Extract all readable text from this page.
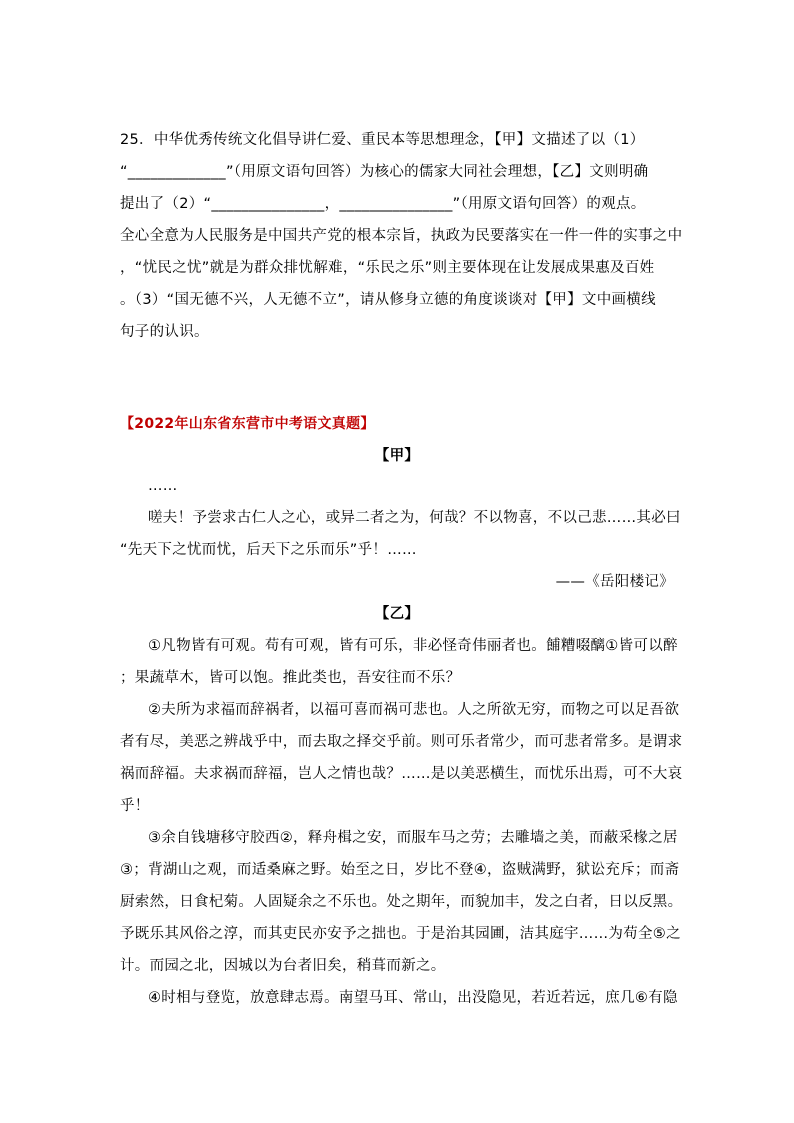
25．中华优秀传统文化倡导讲仁爱、重民本等思想理念，【甲】文描述了以（1）
“_____________”（用原文语句回答）为核心的儒家大同社会理想，【乙】文则明确
提出了（2）“_______________，_______________”（用原文语句回答）的观点。
全心全意为人民服务是中国共产党的根本宗旨，执政为民要落实在一件一件的实事之中
，“忧民之忧”就是为群众排忧解难，“乐民之乐”则主要体现在让发展成果惠及百姓
。（3）“国无德不兴，人无德不立”，请从修身立德的角度谈谈对【甲】文中画横线
句子的认识。
【2022年山东省东营市中考语文真题】
【甲】
……
嗟夫！予尝求古仁人之心，或异二者之为，何哉？不以物喜，不以己悲……其必曰
“先天下之忧而忧，后天下之乐而乐”乎！……
——《岳阳楼记》
【乙】
①凡物皆有可观。苟有可观，皆有可乐，非必怪奇伟丽者也。餔糟啜醨①皆可以醉
；果蔬草木，皆可以饱。推此类也，吾安往而不乐？
②夫所为求福而辞祸者，以福可喜而祸可悲也。人之所欲无穷，而物之可以足吾欲
者有尽，美恶之辨战乎中，而去取之择交乎前。则可乐者常少，而可悲者常多。是谓求
祸而辞福。夫求祸而辞福，岂人之情也哉？……是以美恶横生，而忧乐出焉，可不大哀
乎！
③余自钱塘移守胶西②，释舟楫之安，而服车马之劳；去雕墙之美，而蔽采椽之居
③；背湖山之观，而适桑麻之野。始至之日，岁比不登④，盗贼满野，狱讼充斥；而斋
厨索然，日食杞菊。人固疑余之不乐也。处之期年，而貌加丰，发之白者，日以反黑。
予既乐其风俗之淳，而其吏民亦安予之拙也。于是治其园圃，洁其庭宇……为苟全⑤之
计。而园之北，因城以为台者旧矣，稍葺而新之。
④时相与登览，放意肆志焉。南望马耳、常山，出没隐见，若近若远，庶几⑥有隐
